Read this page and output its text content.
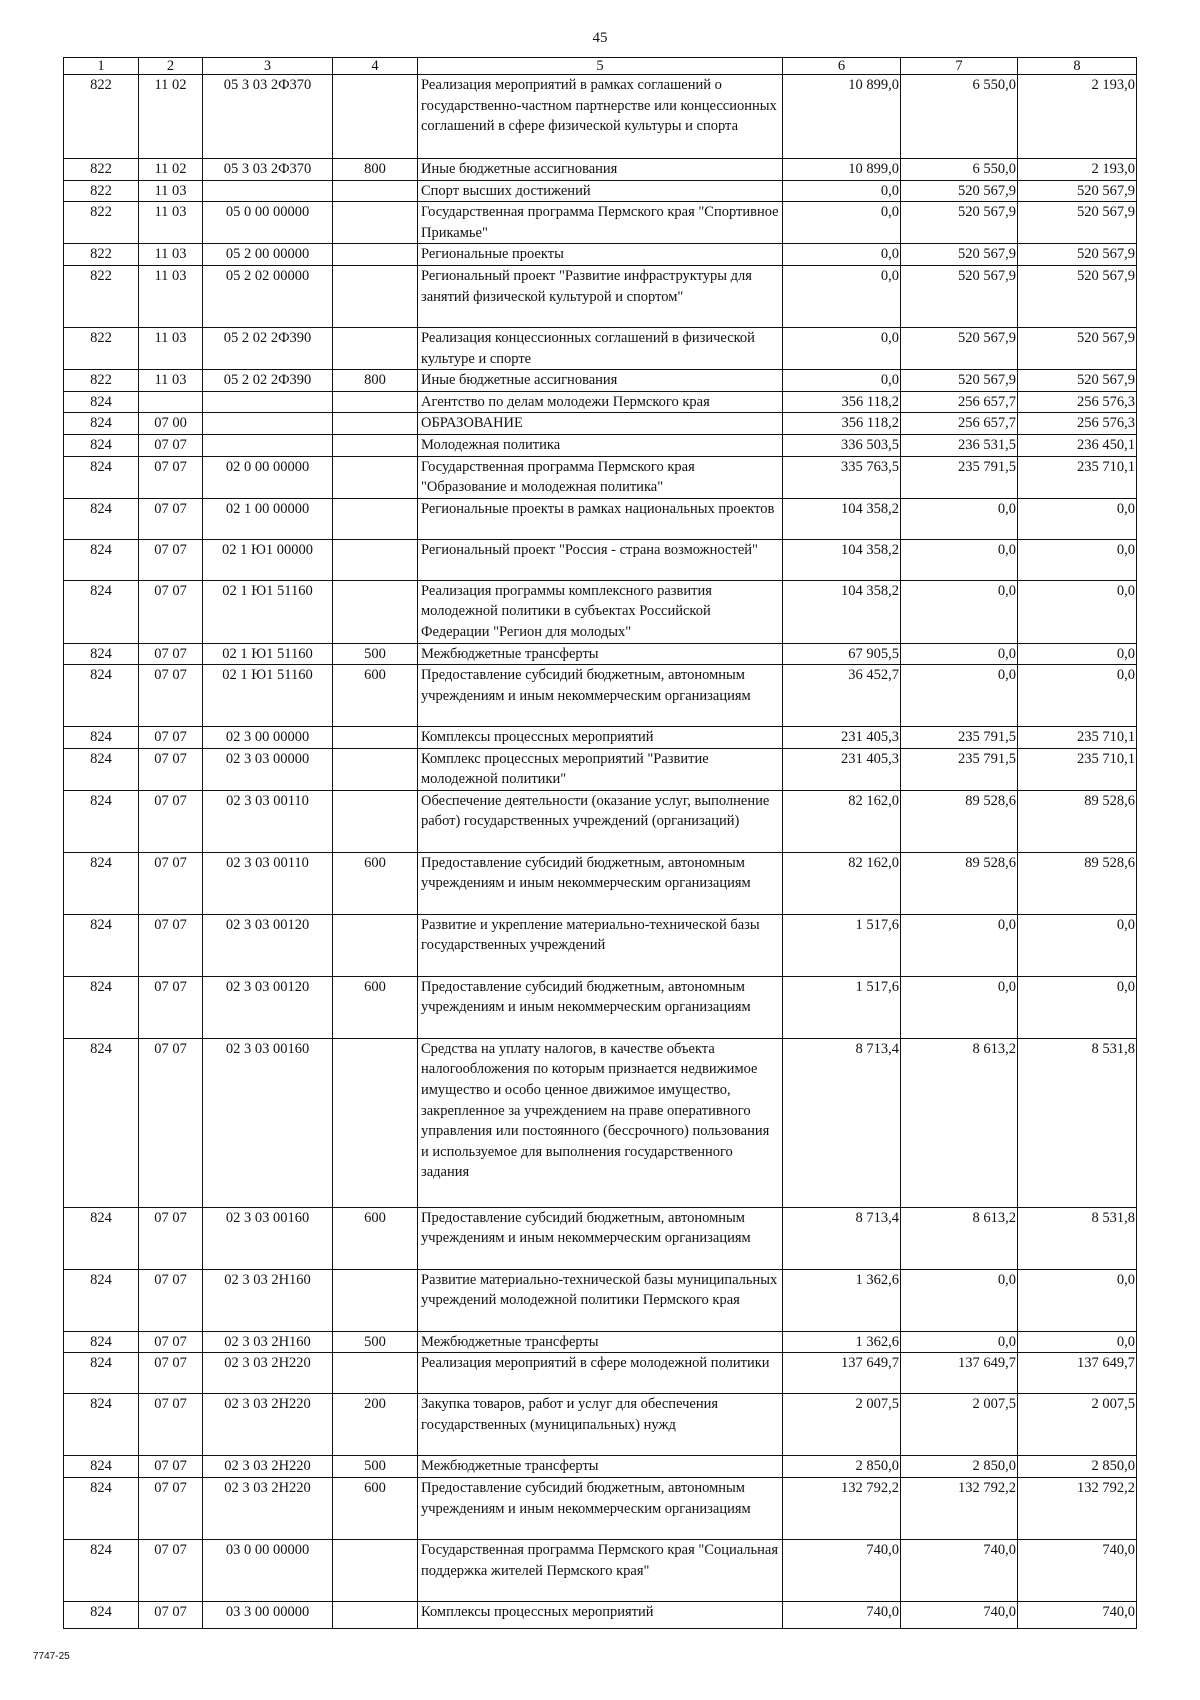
45
1	2	3	4	5	6	7	8
822	11 02	05 3 03 2Ф370		Реализация мероприятий в рамках соглашений о государственно-частном партнерстве или концессионных соглашений в сфере физической культуры и спорта	10 899,0	6 550,0	2 193,0
822	11 02	05 3 03 2Ф370	800	Иные бюджетные ассигнования	10 899,0	6 550,0	2 193,0
822	11 03			Спорт высших достижений	0,0	520 567,9	520 567,9
822	11 03	05 0 00 00000		Государственная программа Пермского края "Спортивное Прикамье"	0,0	520 567,9	520 567,9
822	11 03	05 2 00 00000		Региональные проекты	0,0	520 567,9	520 567,9
822	11 03	05 2 02 00000		Региональный проект "Развитие инфраструктуры для занятий физической культурой и спортом"	0,0	520 567,9	520 567,9
822	11 03	05 2 02 2Ф390		Реализация концессионных соглашений в физической культуре и спорте	0,0	520 567,9	520 567,9
822	11 03	05 2 02 2Ф390	800	Иные бюджетные ассигнования	0,0	520 567,9	520 567,9
824				Агентство по делам молодежи Пермского края	356 118,2	256 657,7	256 576,3
824	07 00			ОБРАЗОВАНИЕ	356 118,2	256 657,7	256 576,3
824	07 07			Молодежная политика	336 503,5	236 531,5	236 450,1
824	07 07	02 0 00 00000		Государственная программа Пермского края "Образование и молодежная политика"	335 763,5	235 791,5	235 710,1
824	07 07	02 1 00 00000		Региональные проекты в рамках национальных проектов	104 358,2	0,0	0,0
824	07 07	02 1 Ю1 00000		Региональный проект "Россия - страна возможностей"	104 358,2	0,0	0,0
824	07 07	02 1 Ю1 51160		Реализация программы комплексного развития молодежной политики в субъектах Российской Федерации "Регион для молодых"	104 358,2	0,0	0,0
824	07 07	02 1 Ю1 51160	500	Межбюджетные трансферты	67 905,5	0,0	0,0
824	07 07	02 1 Ю1 51160	600	Предоставление субсидий бюджетным, автономным учреждениям и иным некоммерческим организациям	36 452,7	0,0	0,0
824	07 07	02 3 00 00000		Комплексы процессных мероприятий	231 405,3	235 791,5	235 710,1
824	07 07	02 3 03 00000		Комплекс процессных мероприятий "Развитие молодежной политики"	231 405,3	235 791,5	235 710,1
824	07 07	02 3 03 00110		Обеспечение деятельности (оказание услуг, выполнение работ) государственных учреждений (организаций)	82 162,0	89 528,6	89 528,6
824	07 07	02 3 03 00110	600	Предоставление субсидий бюджетным, автономным учреждениям и иным некоммерческим организациям	82 162,0	89 528,6	89 528,6
824	07 07	02 3 03 00120		Развитие и укрепление материально-технической базы государственных учреждений	1 517,6	0,0	0,0
824	07 07	02 3 03 00120	600	Предоставление субсидий бюджетным, автономным учреждениям и иным некоммерческим организациям	1 517,6	0,0	0,0
824	07 07	02 3 03 00160		Средства на уплату налогов, в качестве объекта налогообложения по которым признается недвижимое имущество и особо ценное движимое имущество, закрепленное за учреждением на праве оперативного управления или постоянного (бессрочного) пользования и используемое для выполнения государственного задания	8 713,4	8 613,2	8 531,8
824	07 07	02 3 03 00160	600	Предоставление субсидий бюджетным, автономным учреждениям и иным некоммерческим организациям	8 713,4	8 613,2	8 531,8
824	07 07	02 3 03 2Н160		Развитие материально-технической базы муниципальных учреждений молодежной политики Пермского края	1 362,6	0,0	0,0
824	07 07	02 3 03 2Н160	500	Межбюджетные трансферты	1 362,6	0,0	0,0
824	07 07	02 3 03 2Н220		Реализация мероприятий в сфере молодежной политики	137 649,7	137 649,7	137 649,7
824	07 07	02 3 03 2Н220	200	Закупка товаров, работ и услуг для обеспечения государственных (муниципальных) нужд	2 007,5	2 007,5	2 007,5
824	07 07	02 3 03 2Н220	500	Межбюджетные трансферты	2 850,0	2 850,0	2 850,0
824	07 07	02 3 03 2Н220	600	Предоставление субсидий бюджетным, автономным учреждениям и иным некоммерческим организациям	132 792,2	132 792,2	132 792,2
824	07 07	03 0 00 00000		Государственная программа Пермского края "Социальная поддержка жителей Пермского края"	740,0	740,0	740,0
824	07 07	03 3 00 00000		Комплексы процессных мероприятий	740,0	740,0	740,0
7747-25
